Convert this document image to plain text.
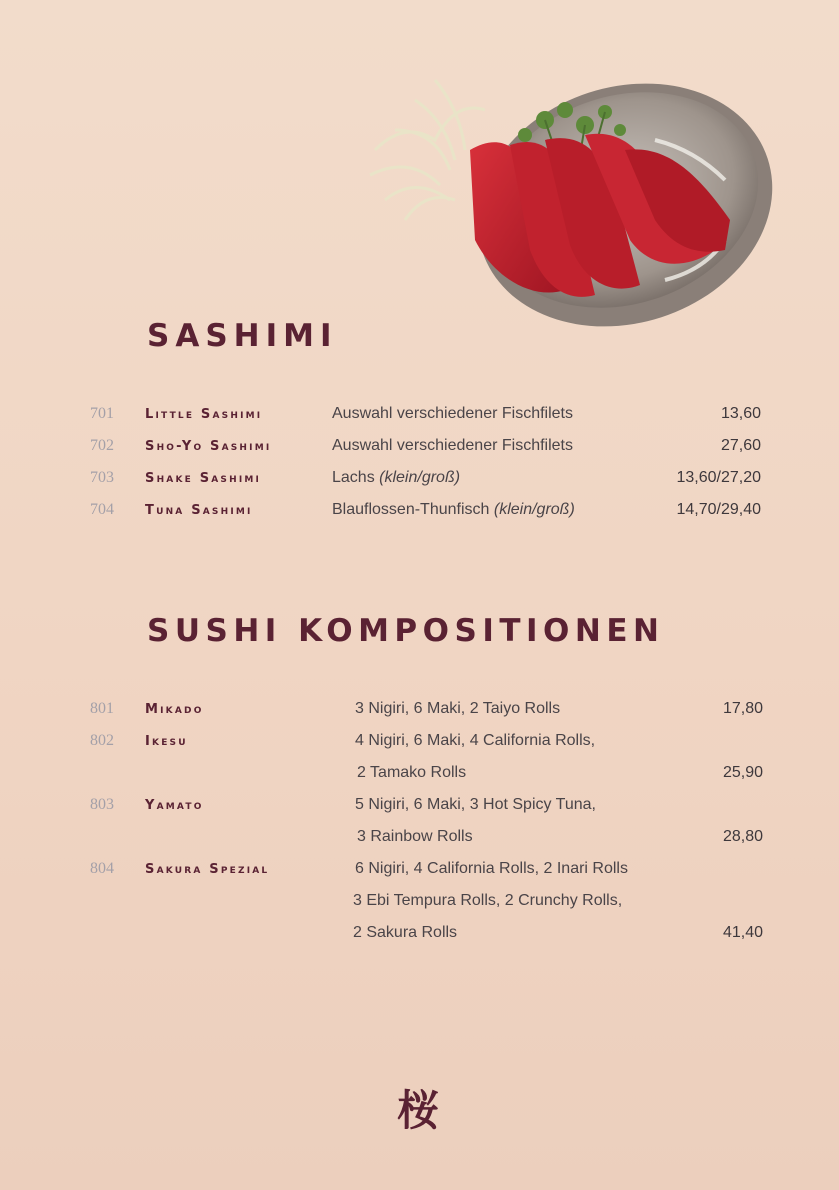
SASHIMI
701 Little Sashimi	Auswahl verschiedener Fischfilets	13,60
702 Sho-Yo Sashimi	Auswahl verschiedener Fischfilets	27,60
703 Shake Sashimi	Lachs (klein/groß)	13,60/27,20
704 Tuna Sashimi	Blauflossen-Thunfisch (klein/groß)	14,70/29,40
SUSHI KOMPOSITIONEN
801 Mikado	3 Nigiri, 6 Maki, 2 Taiyo Rolls	17,80
802 Ikesu	4 Nigiri, 6 Maki, 4 California Rolls,
2 Tamako Rolls	25,90
803 Yamato	5 Nigiri, 6 Maki, 3 Hot Spicy Tuna,
3 Rainbow Rolls	28,80
804 Sakura Spezial	6 Nigiri, 4 California Rolls, 2 Inari Rolls
3 Ebi Tempura Rolls, 2 Crunchy Rolls,
2 Sakura Rolls	41,40
桜
